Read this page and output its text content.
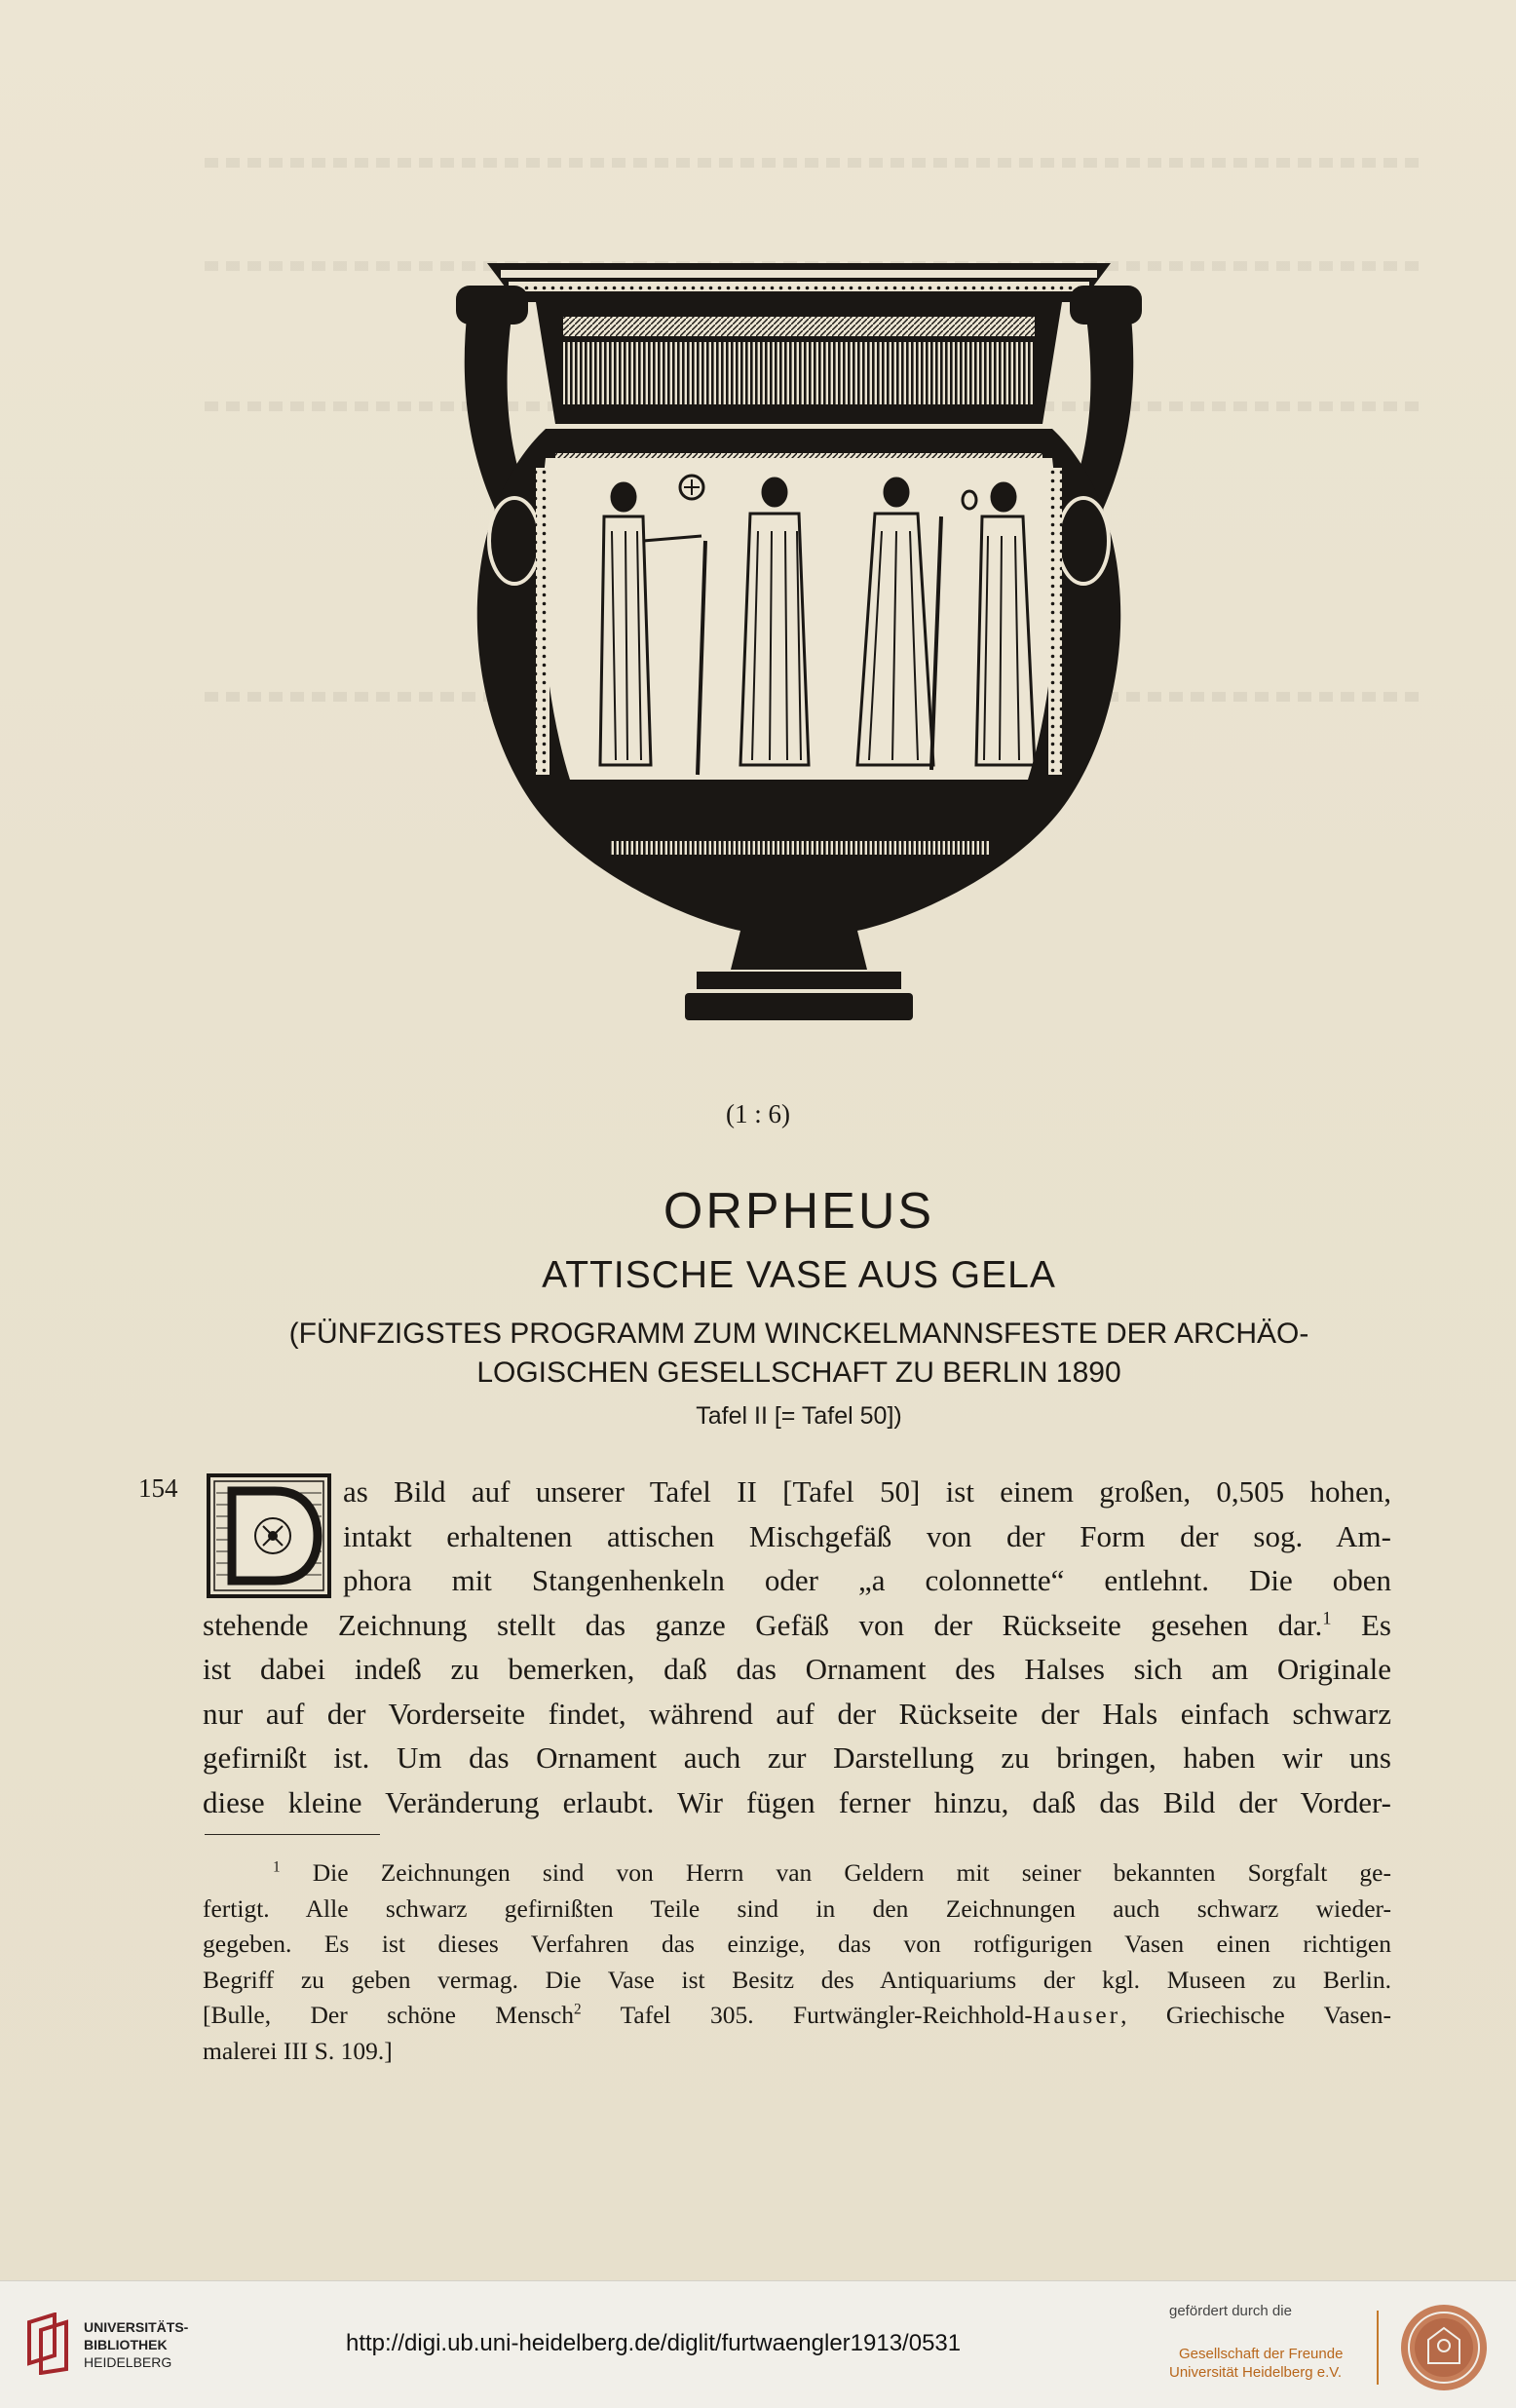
(1 : 6)
ORPHEUS
ATTISCHE VASE AUS GELA
(FÜNFZIGSTES PROGRAMM ZUM WINCKELMANNSFESTE DER ARCHÄO-
LOGISCHEN GESELLSCHAFT ZU BERLIN 1890
Tafel II [= Tafel 50])
154	as Bild auf unserer Tafel II [Tafel 50] ist einem großen, 0,505 hohen,
intakt erhaltenen attischen Mischgefäß von der Form der sog. Am-
phora mit Stangenhenkeln oder „a colonnette“ entlehnt. Die oben
stehende Zeichnung stellt das ganze Gefäß von der Rückseite gesehen dar.$^1$ Es
ist dabei indeß zu bemerken, daß das Ornament des Halses sich am Originale
nur auf der Vorderseite findet, während auf der Rückseite der Hals einfach schwarz
gefirnißt ist. Um das Ornament auch zur Darstellung zu bringen, haben wir uns
diese kleine Veränderung erlaubt. Wir fügen ferner hinzu, daß das Bild der Vorder-
$^1$ Die Zeichnungen sind von Herrn van Geldern mit seiner bekannten Sorgfalt ge-
fertigt. Alle schwarz gefirnißten Teile sind in den Zeichnungen auch schwarz wieder-
gegeben. Es ist dieses Verfahren das einzige, das von rotfigurigen Vasen einen richtigen
Begriff zu geben vermag. Die Vase ist Besitz des Antiquariums der kgl. Museen zu Berlin.
[Bulle, Der schöne Mensch$^2$ Tafel 305. Furtwängler-Reichhold-Hauser, Griechische Vasen-
malerei III S. 109.]
UNIVERSITÄTS-
BIBLIOTHEK
HEIDELBERG
http://digi.ub.uni-heidelberg.de/diglit/furtwaengler1913/0531
gefördert durch die
Gesellschaft der Freunde
Universität Heidelberg e.V.
